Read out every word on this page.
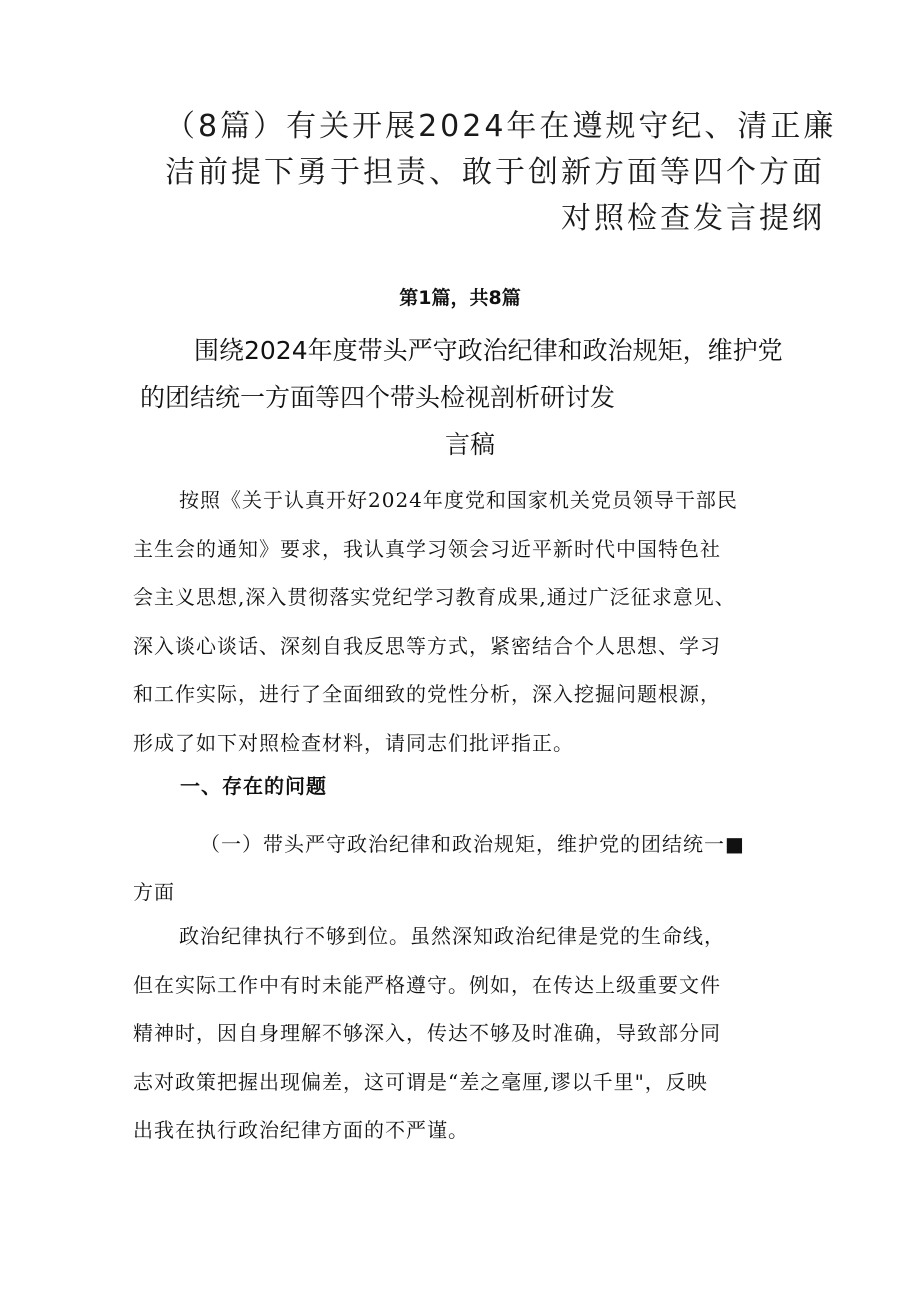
（8篇）有关开展2024年在遵规守纪、清正廉
洁前提下勇于担责、敢于创新方面等四个方面
对照检查发言提纲
第1篇，共8篇
围绕2024年度带头严守政治纪律和政治规矩，维护党
的团结统一方面等四个带头检视剖析研讨发
言稿
按照《关于认真开好2024年度党和国家机关党员领导干部民
主生会的通知》要求，我认真学习领会习近平新时代中国特色社
会主义思想,深入贯彻落实党纪学习教育成果,通过广泛征求意见、
深入谈心谈话、深刻自我反思等方式，紧密结合个人思想、学习
和工作实际，进行了全面细致的党性分析，深入挖掘问题根源，
形成了如下对照检查材料，请同志们批评指正。
一、存在的问题
（一）带头严守政治纪律和政治规矩，维护党的团结统一■
方面
政治纪律执行不够到位。虽然深知政治纪律是党的生命线，
但在实际工作中有时未能严格遵守。例如，在传达上级重要文件
精神时，因自身理解不够深入，传达不够及时准确，导致部分同
志对政策把握出现偏差，这可谓是“差之毫厘,谬以千里"，反映
出我在执行政治纪律方面的不严谨。
